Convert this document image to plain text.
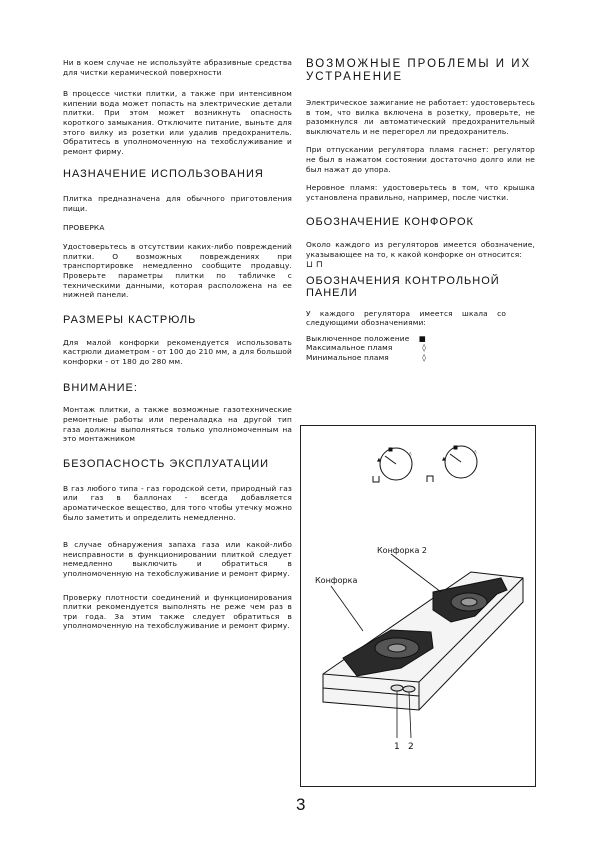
Ни в коем случае не используйте абразивные средства для чистки керамической поверхности

В процессе чистки плитки, а также при интенсивном кипении вода может попасть на электрические детали плитки. При этом может возникнуть опасность короткого замыкания. Отключите питание, выньте для этого вилку из розетки или удалив предохранитель. Обратитесь в уполномоченную на техобслуживание и ремонт фирму.

НАЗНАЧЕНИЕ ИСПОЛЬЗОВАНИЯ

Плитка предназначена для обычного приготовления пищи.

ПРОВЕРКА

Удостоверьтесь в отсутствии каких-либо повреждений плитки. О возможных повреждениях при транспортировке немедленно сообщите продавцу. Проверьте параметры плитки по табличке с техническими данными, которая расположена на ее нижней панели.

РАЗМЕРЫ КАСТРЮЛЬ

Для малой конфорки рекомендуется использовать кастрюли диаметром - от 100 до 210 мм, а для большой конфорки - от 180 до 280 мм.

ВНИМАНИЕ:

Монтаж плитки, а также возможные газотехнические ремонтные работы или переналадка на другой тип газа должны выполняться только уполномоченным на это монтажником

БЕЗОПАСНОСТЬ ЭКСПЛУАТАЦИИ

В газ любого типа - газ городской сети, природный газ или газ в баллонах - всегда добавляется ароматическое вещество, для того чтобы утечку можно было заметить и определить немедленно.

В случае обнаружения запаха газа или какой-либо неисправности в функционировании плиткой следует немедленно выключить и обратиться в уполномоченную на техобслуживание и ремонт фирму.

Проверку плотности соединений и функционирования плитки рекомендуется выполнять не реже чем раз в три года. За этим также следует обратиться в уполномоченную на техобслуживание и ремонт фирму.

ВОЗМОЖНЫЕ ПРОБЛЕМЫ И ИХ УСТРАНЕНИЕ

Электрическое зажигание не работает: удостоверьтесь в том, что вилка включена в розетку, проверьте, не разомкнулся ли автоматический предохранительный выключатель и не перегорел ли предохранитель.

При отпускании регулятора пламя гаснет: регулятор не был в нажатом состоянии достаточно долго или не был нажат до упора.

Неровное пламя: удостоверьтесь в том, что крышка установлена правильно, например, после чистки.

ОБОЗНАЧЕНИЕ КОНФОРОК

Около каждого из регуляторов имеется обозначение, указывающее на то, к какой конфорке он относится:

⊔ ⊓
ОБОЗНАЧЕНИЯ КОНТРОЛЬНОЙ ПАНЕЛИ

У каждого регулятора имеется шкала со следующими обозначениями:

Выключенное положение ■
Максимальное пламя	◊
Минимальное пламя	◊
▲
◊
▲
◊
Конфорка 2
Конфорка
1 2
3
